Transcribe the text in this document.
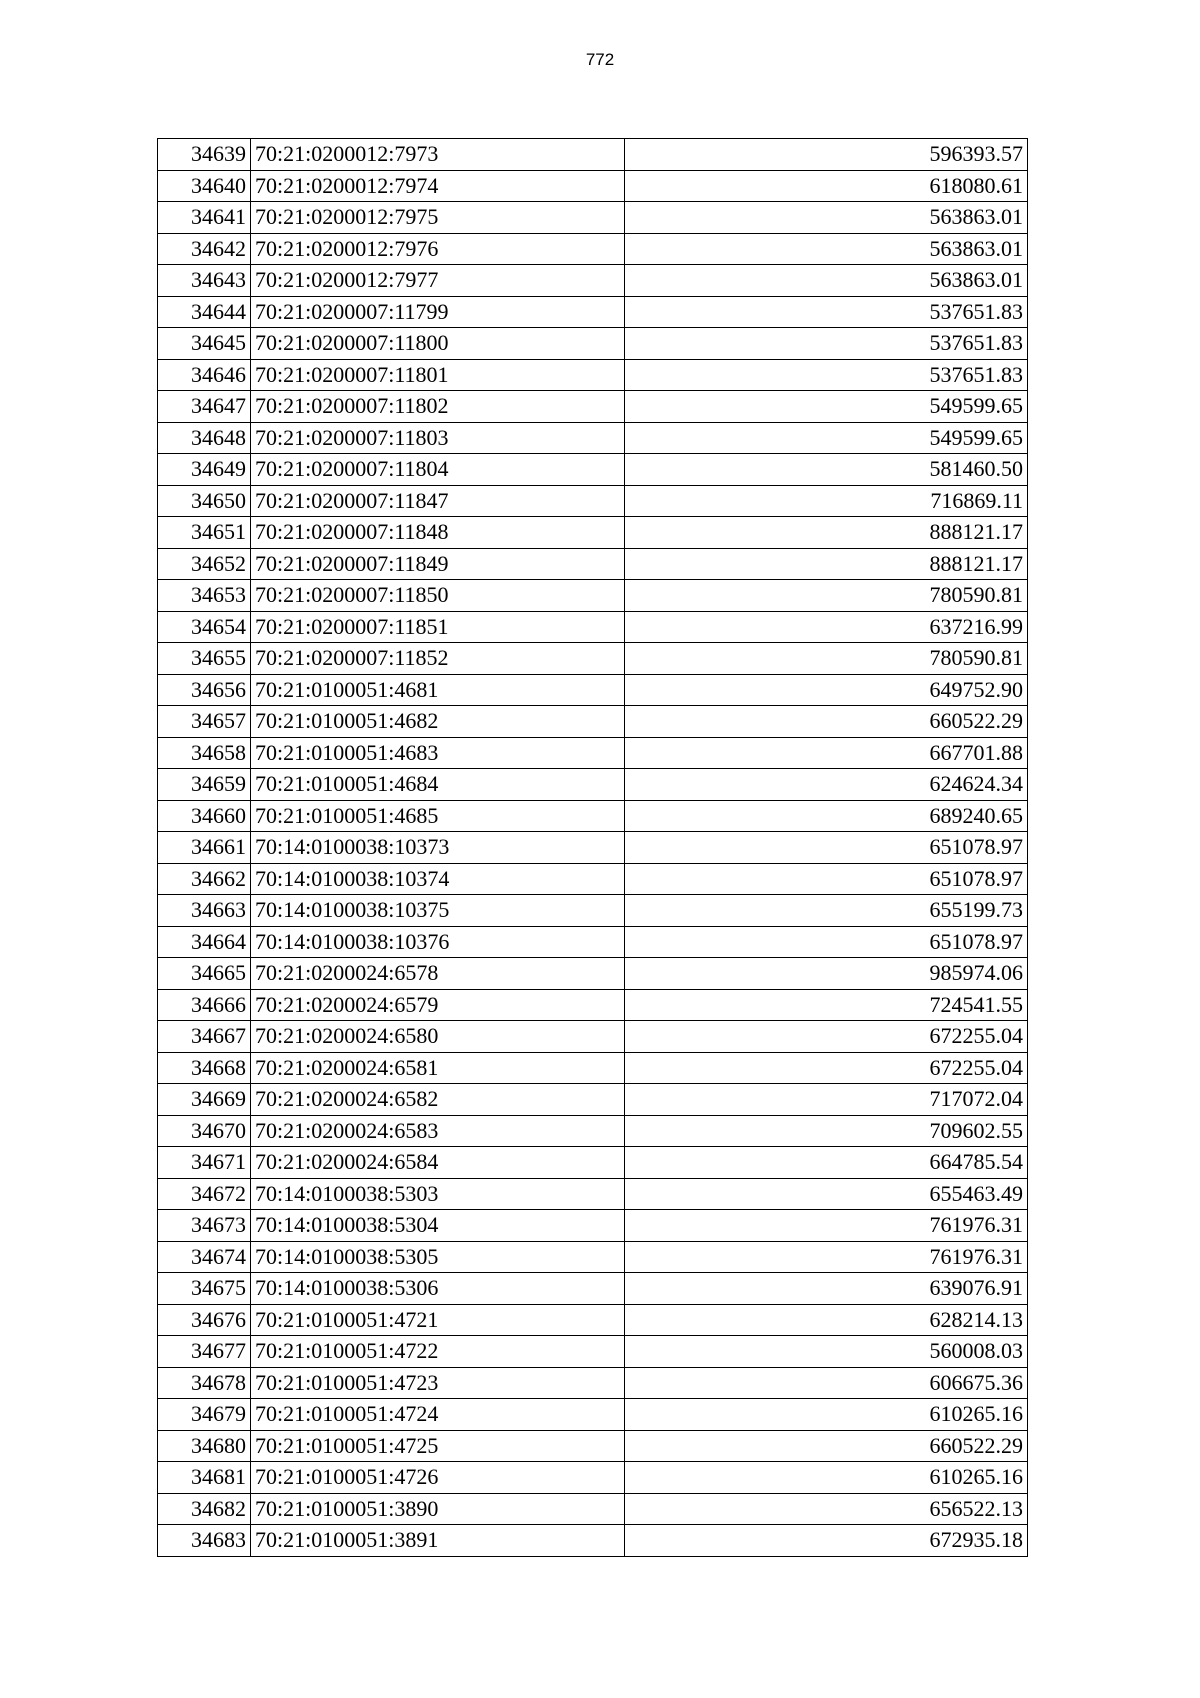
772
34639	70:21:0200012:7973	596393.57
34640	70:21:0200012:7974	618080.61
34641	70:21:0200012:7975	563863.01
34642	70:21:0200012:7976	563863.01
34643	70:21:0200012:7977	563863.01
34644	70:21:0200007:11799	537651.83
34645	70:21:0200007:11800	537651.83
34646	70:21:0200007:11801	537651.83
34647	70:21:0200007:11802	549599.65
34648	70:21:0200007:11803	549599.65
34649	70:21:0200007:11804	581460.50
34650	70:21:0200007:11847	716869.11
34651	70:21:0200007:11848	888121.17
34652	70:21:0200007:11849	888121.17
34653	70:21:0200007:11850	780590.81
34654	70:21:0200007:11851	637216.99
34655	70:21:0200007:11852	780590.81
34656	70:21:0100051:4681	649752.90
34657	70:21:0100051:4682	660522.29
34658	70:21:0100051:4683	667701.88
34659	70:21:0100051:4684	624624.34
34660	70:21:0100051:4685	689240.65
34661	70:14:0100038:10373	651078.97
34662	70:14:0100038:10374	651078.97
34663	70:14:0100038:10375	655199.73
34664	70:14:0100038:10376	651078.97
34665	70:21:0200024:6578	985974.06
34666	70:21:0200024:6579	724541.55
34667	70:21:0200024:6580	672255.04
34668	70:21:0200024:6581	672255.04
34669	70:21:0200024:6582	717072.04
34670	70:21:0200024:6583	709602.55
34671	70:21:0200024:6584	664785.54
34672	70:14:0100038:5303	655463.49
34673	70:14:0100038:5304	761976.31
34674	70:14:0100038:5305	761976.31
34675	70:14:0100038:5306	639076.91
34676	70:21:0100051:4721	628214.13
34677	70:21:0100051:4722	560008.03
34678	70:21:0100051:4723	606675.36
34679	70:21:0100051:4724	610265.16
34680	70:21:0100051:4725	660522.29
34681	70:21:0100051:4726	610265.16
34682	70:21:0100051:3890	656522.13
34683	70:21:0100051:3891	672935.18
